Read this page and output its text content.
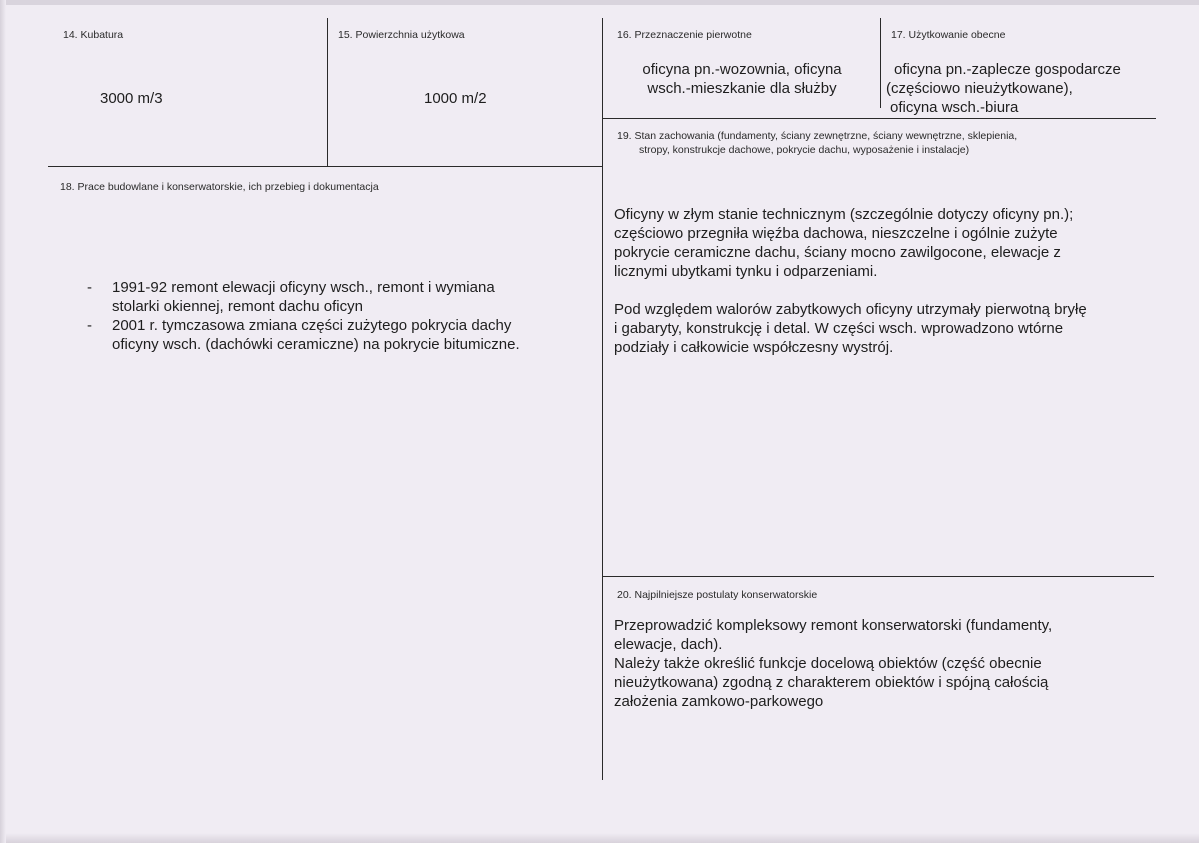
14. Kubatura
3000 m/3
15. Powierzchnia użytkowa
1000 m/2
16. Przeznaczenie pierwotne
oficyna pn.-wozownia, oficyna
wsch.-mieszkanie dla służby
17. Użytkowanie obecne
oficyna pn.-zaplecze gospodarcze
(częściowo nieużytkowane),
oficyna wsch.-biura
18. Prace budowlane i konserwatorskie, ich przebieg i dokumentacja
- 1991-92 remont elewacji oficyny wsch., remont i wymiana
stolarki okiennej, remont dachu oficyn
- 2001 r. tymczasowa zmiana części zużytego pokrycia dachy
oficyny wsch. (dachówki ceramiczne) na pokrycie bitumiczne.
19. Stan zachowania (fundamenty, ściany zewnętrzne, ściany wewnętrzne, sklepienia,
stropy, konstrukcje dachowe, pokrycie dachu, wyposażenie i instalacje)
Oficyny w złym stanie technicznym (szczególnie dotyczy oficyny pn.);
częściowo przegniła więźba dachowa, nieszczelne i ogólnie zużyte
pokrycie ceramiczne dachu, ściany mocno zawilgocone, elewacje z
licznymi ubytkami tynku i odparzeniami.
Pod względem walorów zabytkowych oficyny utrzymały pierwotną bryłę
i gabaryty, konstrukcję i detal. W części wsch. wprowadzono wtórne
podziały i całkowicie współczesny wystrój.
20. Najpilniejsze postulaty konserwatorskie
Przeprowadzić kompleksowy remont konserwatorski (fundamenty,
elewacje, dach).
Należy także określić funkcje docelową obiektów (część obecnie
nieużytkowana) zgodną z charakterem obiektów i spójną całością
założenia zamkowo-parkowego
